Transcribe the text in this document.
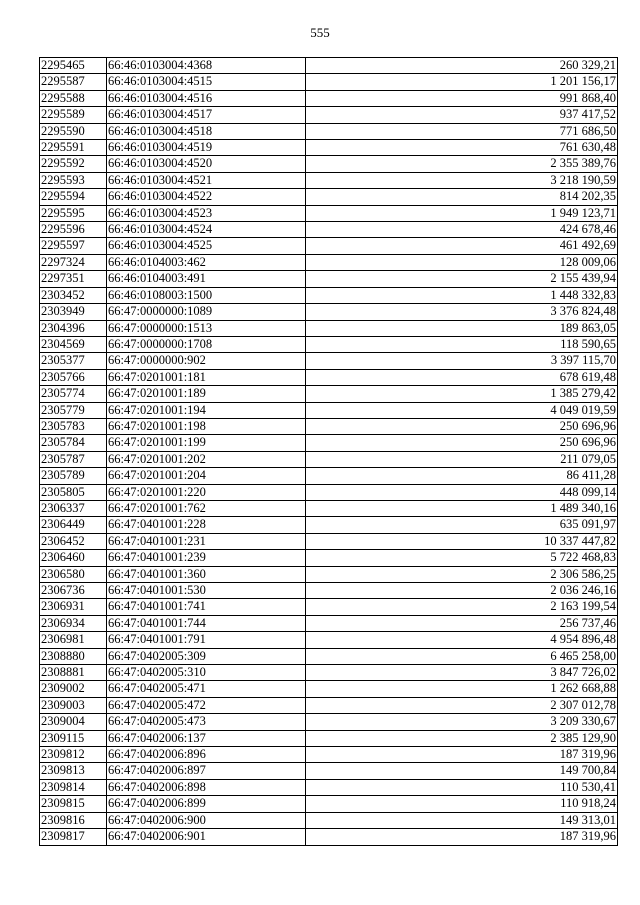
555
2295465	66:46:0103004:4368	260 329,21
2295587	66:46:0103004:4515	1 201 156,17
2295588	66:46:0103004:4516	991 868,40
2295589	66:46:0103004:4517	937 417,52
2295590	66:46:0103004:4518	771 686,50
2295591	66:46:0103004:4519	761 630,48
2295592	66:46:0103004:4520	2 355 389,76
2295593	66:46:0103004:4521	3 218 190,59
2295594	66:46:0103004:4522	814 202,35
2295595	66:46:0103004:4523	1 949 123,71
2295596	66:46:0103004:4524	424 678,46
2295597	66:46:0103004:4525	461 492,69
2297324	66:46:0104003:462	128 009,06
2297351	66:46:0104003:491	2 155 439,94
2303452	66:46:0108003:1500	1 448 332,83
2303949	66:47:0000000:1089	3 376 824,48
2304396	66:47:0000000:1513	189 863,05
2304569	66:47:0000000:1708	118 590,65
2305377	66:47:0000000:902	3 397 115,70
2305766	66:47:0201001:181	678 619,48
2305774	66:47:0201001:189	1 385 279,42
2305779	66:47:0201001:194	4 049 019,59
2305783	66:47:0201001:198	250 696,96
2305784	66:47:0201001:199	250 696,96
2305787	66:47:0201001:202	211 079,05
2305789	66:47:0201001:204	86 411,28
2305805	66:47:0201001:220	448 099,14
2306337	66:47:0201001:762	1 489 340,16
2306449	66:47:0401001:228	635 091,97
2306452	66:47:0401001:231	10 337 447,82
2306460	66:47:0401001:239	5 722 468,83
2306580	66:47:0401001:360	2 306 586,25
2306736	66:47:0401001:530	2 036 246,16
2306931	66:47:0401001:741	2 163 199,54
2306934	66:47:0401001:744	256 737,46
2306981	66:47:0401001:791	4 954 896,48
2308880	66:47:0402005:309	6 465 258,00
2308881	66:47:0402005:310	3 847 726,02
2309002	66:47:0402005:471	1 262 668,88
2309003	66:47:0402005:472	2 307 012,78
2309004	66:47:0402005:473	3 209 330,67
2309115	66:47:0402006:137	2 385 129,90
2309812	66:47:0402006:896	187 319,96
2309813	66:47:0402006:897	149 700,84
2309814	66:47:0402006:898	110 530,41
2309815	66:47:0402006:899	110 918,24
2309816	66:47:0402006:900	149 313,01
2309817	66:47:0402006:901	187 319,96
